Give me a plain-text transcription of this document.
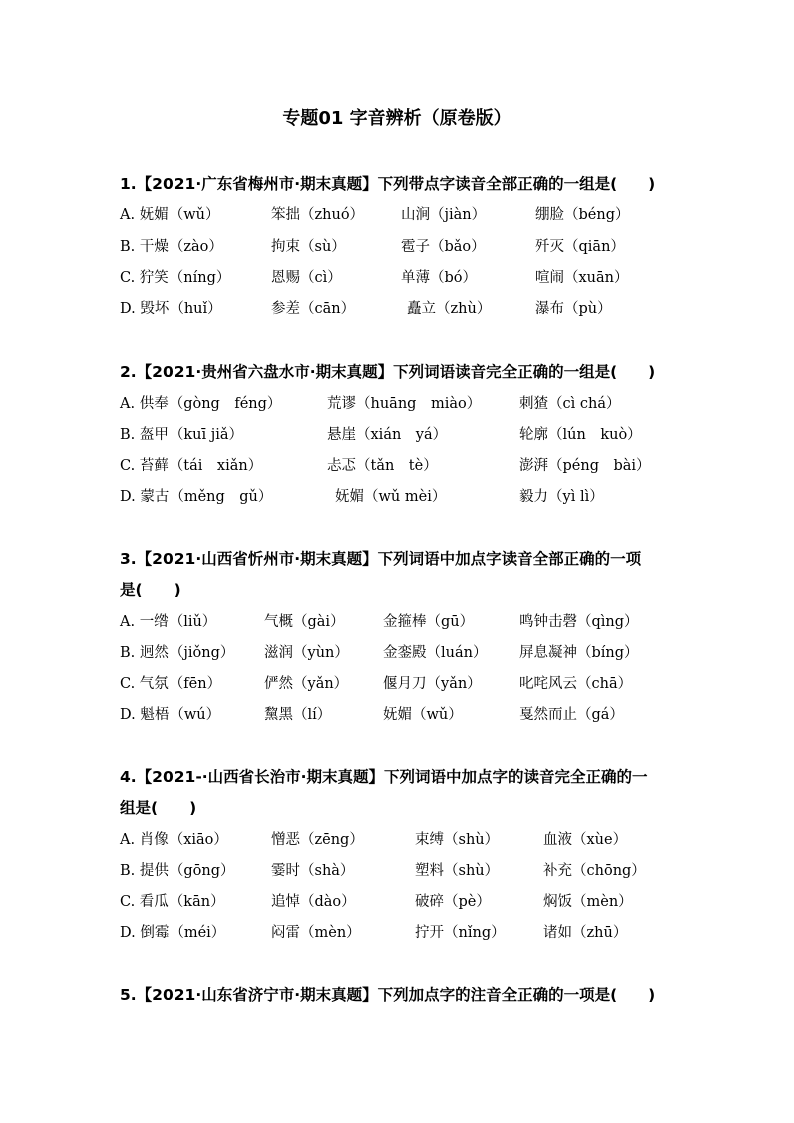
专题01 字音辨析（原卷版）
1.【2021·广东省梅州市·期末真题】下列带点字读音全部正确的一组是(　　)
A. 妩媚（wǔ）	笨拙（zhuó）	山涧（jiàn）	绷脸（béng）
B. 干燥（zào）	拘束（sù）	雹子（bǎo）	歼灭（qiān）
C. 狞笑（níng）	恩赐（cì）	单薄（bó）	喧闹（xuān）
D. 毁坏（huǐ）	参差（cān）	矗立（zhù）	瀑布（pù）
2.【2021·贵州省六盘水市·期末真题】下列词语读音完全正确的一组是(　　)
A. 供奉（gòng　féng）	荒谬（huāng　miào）	刺猹（cì chá）
B. 盔甲（kuī jiǎ）	悬崖（xián　yá）	轮廓（lún　kuò）
C. 苔藓（tái　xiǎn）	忐忑（tǎn　tè）	澎湃（péng　bài）
D. 蒙古（měng　gǔ）	妩媚（wǔ mèi）	毅力（yì lì）
3.【2021·山西省忻州市·期末真题】下列词语中加点字读音全部正确的一项
是(　　)
A. 一绺（liǔ）	气概（gài）	金箍棒（gū）	鸣钟击磬（qìng）
B. 迥然（jiǒng） 滋润（yùn） 金銮殿（luán） 屏息凝神（bíng）
C. 气氛（fēn）	俨然（yǎn） 偃月刀（yǎn）	叱咤风云（chā）
D. 魁梧（wú）	黧黑（lí）	妩媚（wǔ）	戛然而止（gá）
4.【2021-·山西省长治市·期末真题】下列词语中加点字的读音完全正确的一
组是(　　)
A. 肖像（xiāo）	憎恶（zēng）	束缚（shù）	血液（xùe）
B. 提供（gōng）	霎时（shà）	塑料（shù）	补充（chōng）
C. 看瓜（kān）	追悼（dào）	破碎（pè）	焖饭（mèn）
D. 倒霉（méi）	闷雷（mèn）	拧开（nǐng）	诸如（zhū）
5.【2021·山东省济宁市·期末真题】下列加点字的注音全正确的一项是(　　)
